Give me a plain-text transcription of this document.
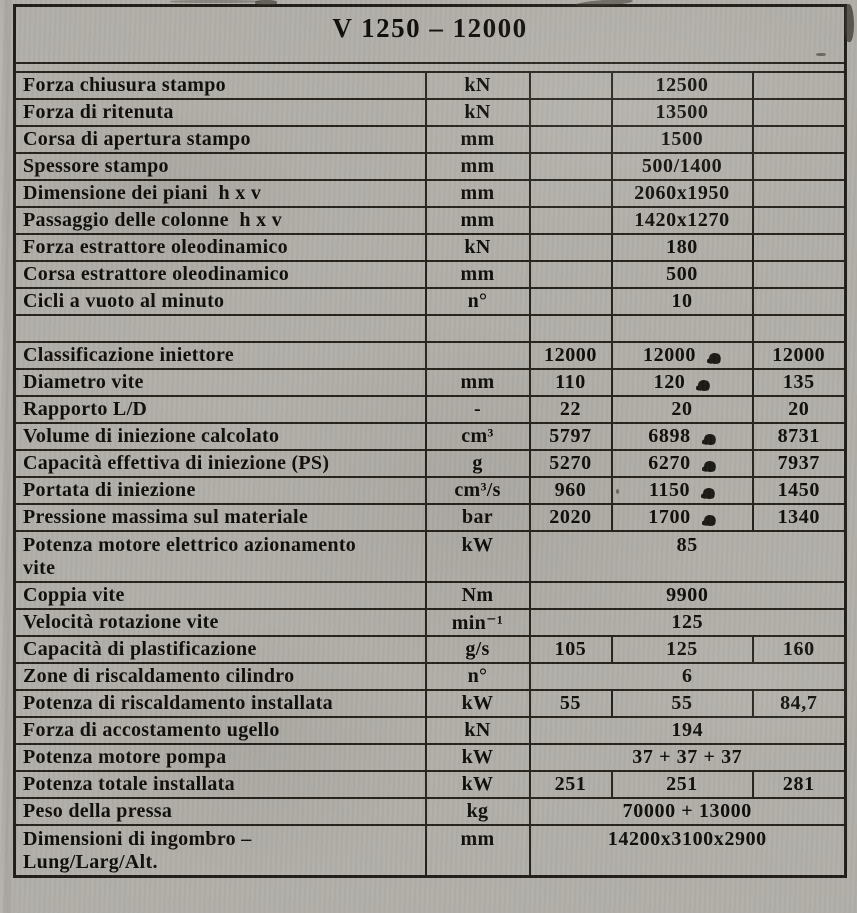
V 1250 – 12000				

Forza chiusura stampo	kN		12500	
Forza di ritenuta	kN		13500	
Corsa di apertura stampo	mm		1500	
Spessore stampo	mm		500/1400	
Dimensione dei piani  h x v	mm		2060x1950	
Passaggio delle colonne  h x v	mm		1420x1270	
Forza estrattore oleodinamico	kN		180	
Corsa estrattore oleodinamico	mm		500	
Cicli a vuoto al minuto	n°		10	

Classificazione iniettore		12000	12000	12000
Diametro vite	mm	110	120	135
Rapporto L/D	-	22	20	20
Volume di iniezione calcolato	cm³	5797	6898	8731
Capacità effettiva di iniezione (PS)	g	5270	6270	7937
Portata di iniezione	cm³/s	960	1150	1450
Pressione massima sul materiale	bar	2020	1700	1340
Potenza motore elettrico azionamento
vite	kW	85		
Coppia vite	Nm	9900		
Velocità rotazione vite	min⁻¹	125		
Capacità di plastificazione	g/s	105	125	160
Zone di riscaldamento cilindro	n°	6		
Potenza di riscaldamento installata	kW	55	55	84,7
Forza di accostamento ugello	kN	194		
Potenza motore pompa	kW	37 + 37 + 37		
Potenza totale installata	kW	251	251	281
Peso della pressa	kg	70000 + 13000		
Dimensioni di ingombro –
Lung/Larg/Alt.	mm	14200x3100x2900		
